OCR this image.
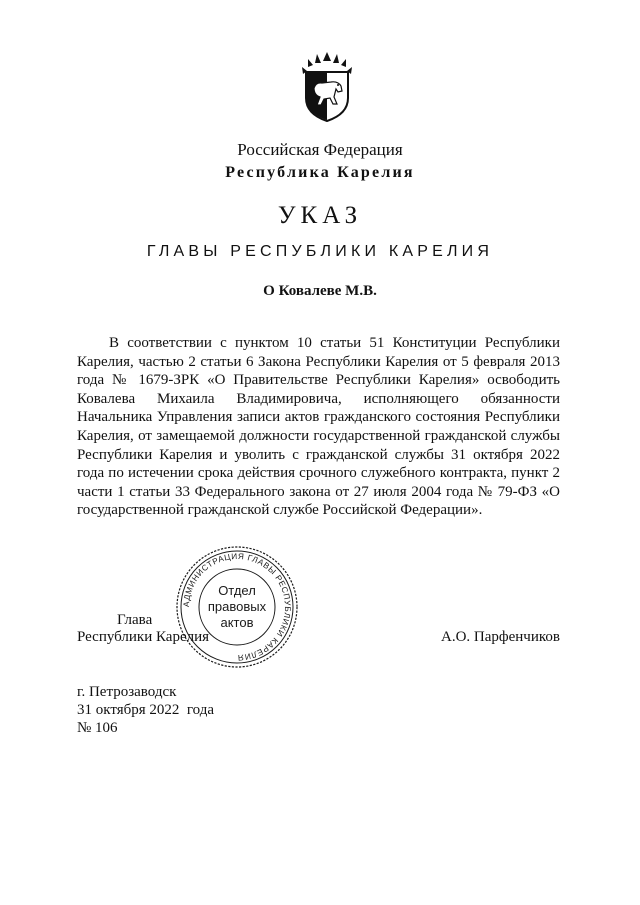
Российская Федерация
Республика Карелия
УКАЗ
ГЛАВЫ РЕСПУБЛИКИ КАРЕЛИЯ
О Ковалеве М.В.

В соответствии с пунктом 10 статьи 51 Конституции Республики Карелия, частью 2 статьи 6 Закона Республики Карелия от 5 февраля 2013 года № 1679-ЗРК «О Правительстве Республики Карелия» освободить Ковалева Михаила Владимировича, исполняющего обязанности Начальника Управления записи актов гражданского состояния Республики Карелия, от замещаемой должности государственной гражданской службы Республики Карелия и уволить с гражданской службы 31 октября 2022 года по истечении срока действия срочного служебного контракта, пункт 2 части 1 статьи 33 Федерального закона от 27 июля 2004 года № 79-ФЗ «О государственной гражданской службе Российской Федерации».

АДМИНИСТРАЦИЯ ГЛАВЫ РЕСПУБЛИКИ КАРЕЛИЯ
Отдел
правовых
актов
Глава
Республики Карелия	А.О. Парфенчиков
г. Петрозаводск
31 октября 2022  года
№ 106
